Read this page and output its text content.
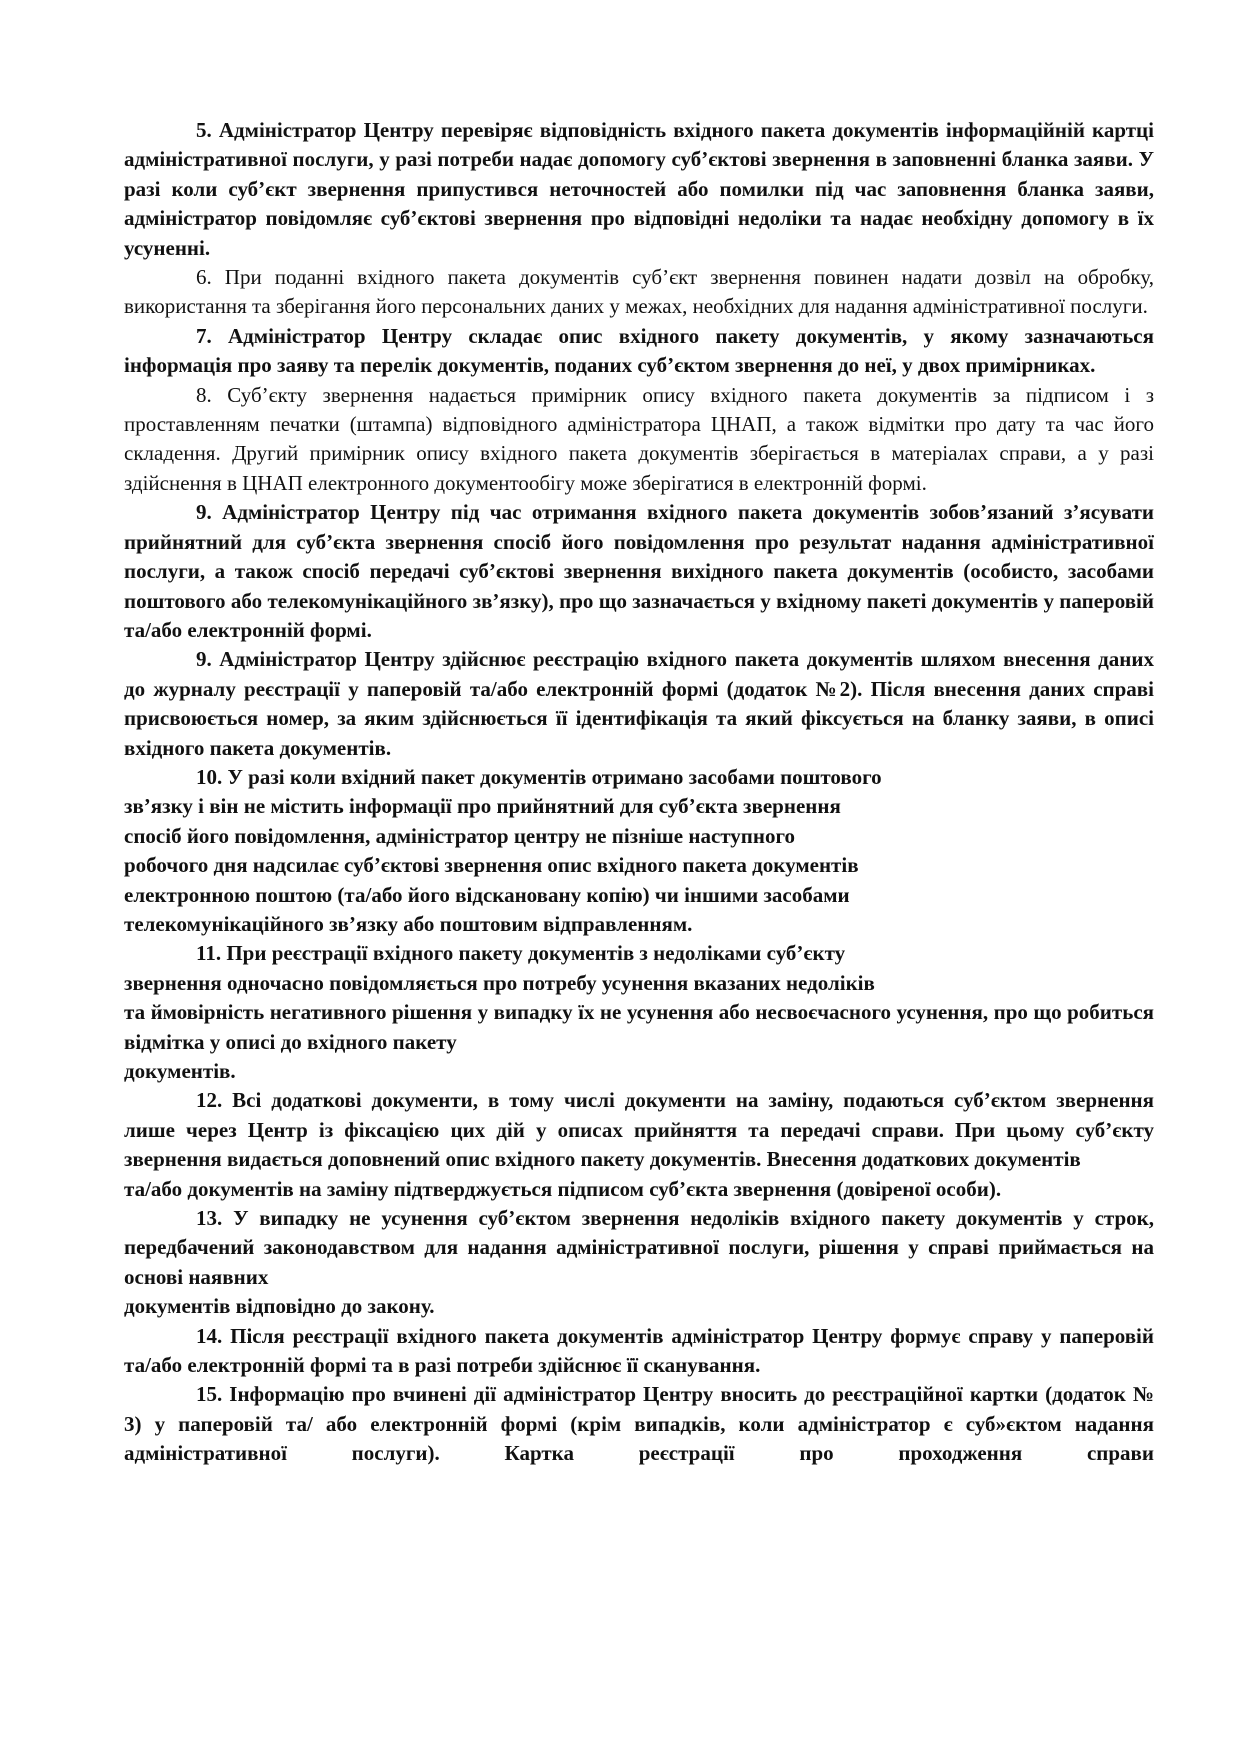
5. Адміністратор Центру перевіряє відповідність вхідного пакета документів інформаційній картці адміністративної послуги, у разі потреби надає допомогу суб’єктові звернення в заповненні бланка заяви. У разі коли суб’єкт звернення припустився неточностей або помилки під час заповнення бланка заяви, адміністратор повідомляє суб’єктові звернення про відповідні недоліки та надає необхідну допомогу в їх усуненні.

6. При поданні вхідного пакета документів суб’єкт звернення повинен надати дозвіл на обробку, використання та зберігання його персональних даних у межах, необхідних для надання адміністративної послуги.

7. Адміністратор Центру складає опис вхідного пакету документів, у якому зазначаються інформація про заяву та перелік документів, поданих суб’єктом звернення до неї, у двох примірниках.

8. Суб’єкту звернення надається примірник опису вхідного пакета документів за підписом і з проставленням печатки (штампа) відповідного адміністратора ЦНАП, а також відмітки про дату та час його складення. Другий примірник опису вхідного пакета документів зберігається в матеріалах справи, а у разі здійснення в ЦНАП електронного документообігу може зберігатися в електронній формі.

9. Адміністратор Центру під час отримання вхідного пакета документів зобов’язаний з’ясувати прийнятний для суб’єкта звернення спосіб його повідомлення про результат надання адміністративної послуги, а також спосіб передачі суб’єктові звернення вихідного пакета документів (особисто, засобами поштового або телекомунікаційного зв’язку), про що зазначається у вхідному пакеті документів у паперовій та/або електронній формі.

9. Адміністратор Центру здійснює реєстрацію вхідного пакета документів шляхом внесення даних до журналу реєстрації у паперовій та/або електронній формі (додаток №2). Після внесення даних справі присвоюється номер, за яким здійснюється її ідентифікація та який фіксується на бланку заяви, в описі вхідного пакета документів.

10. У разі коли вхідний пакет документів отримано засобами поштового
зв’язку і він не містить інформації про прийнятний для суб’єкта звернення
спосіб його повідомлення, адміністратор центру не пізніше наступного
робочого дня надсилає суб’єктові звернення опис вхідного пакета документів
електронною поштою (та/або його відскановану копію) чи іншими засобами
телекомунікаційного зв’язку або поштовим відправленням.
11. При реєстрації вхідного пакету документів з недоліками суб’єкту
звернення одночасно повідомляється про потребу усунення вказаних недоліків
та ймовірність негативного рішення у випадку їх не усунення або несвоєчасного усунення, про що робиться відмітка у описі до вхідного пакету
документів.

12. Всі додаткові документи, в тому числі документи на заміну, подаються суб’єктом звернення лише через Центр із фіксацією цих дій у описах прийняття та передачі справи. При цьому суб’єкту звернення видається доповнений опис вхідного пакету документів. Внесення додаткових документів

та/або документів на заміну підтверджується підписом суб’єкта звернення (довіреної особи).

13. У випадку не усунення суб’єктом звернення недоліків вхідного пакету документів у строк, передбачений законодавством для надання адміністративної послуги, рішення у справі приймається на основі наявних

документів відповідно до закону.

14. Після реєстрації вхідного пакета документів адміністратор Центру формує справу у паперовій та/або електронній формі та в разі потреби здійснює її сканування.

15. Інформацію про вчинені дії адміністратор Центру вносить до реєстраційної картки (додаток № 3) у паперовій та/ або електронній формі (крім випадків, коли адміністратор є суб»єктом надання адміністративної послуги). Картка реєстрації про проходження справи
